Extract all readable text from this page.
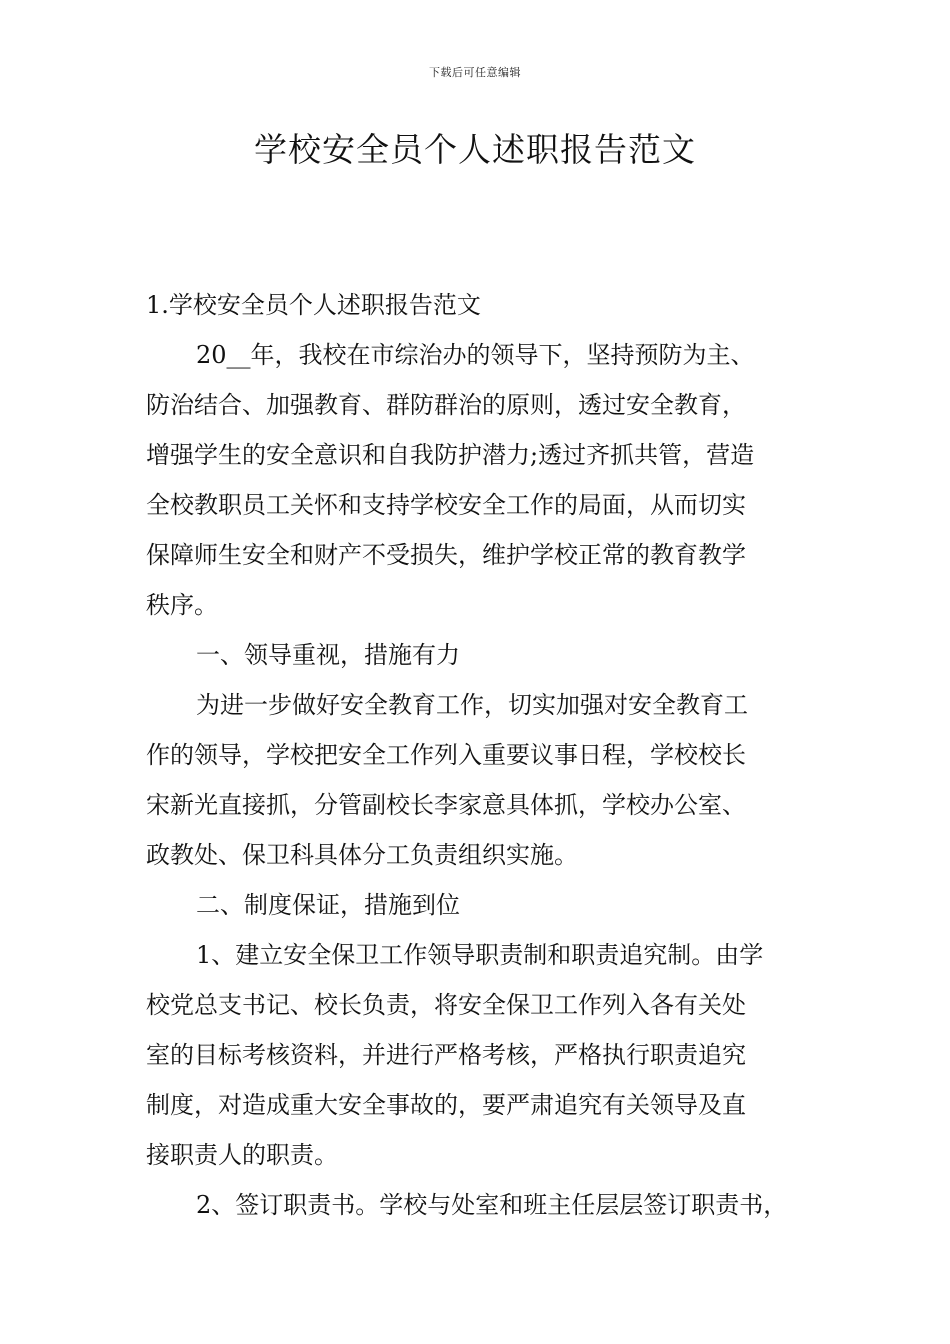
下载后可任意编辑
学校安全员个人述职报告范文
1.学校安全员个人述职报告范文
20__年，我校在市综治办的领导下，坚持预防为主、
防治结合、加强教育、群防群治的原则，透过安全教育，
增强学生的安全意识和自我防护潜力;透过齐抓共管，营造
全校教职员工关怀和支持学校安全工作的局面，从而切实
保障师生安全和财产不受损失，维护学校正常的教育教学
秩序。
一、领导重视，措施有力
为进一步做好安全教育工作，切实加强对安全教育工
作的领导，学校把安全工作列入重要议事日程，学校校长
宋新光直接抓，分管副校长李家意具体抓，学校办公室、
政教处、保卫科具体分工负责组织实施。
二、制度保证，措施到位
1、建立安全保卫工作领导职责制和职责追究制。由学
校党总支书记、校长负责，将安全保卫工作列入各有关处
室的目标考核资料，并进行严格考核，严格执行职责追究
制度，对造成重大安全事故的，要严肃追究有关领导及直
接职责人的职责。
2、签订职责书。学校与处室和班主任层层签订职责书，
